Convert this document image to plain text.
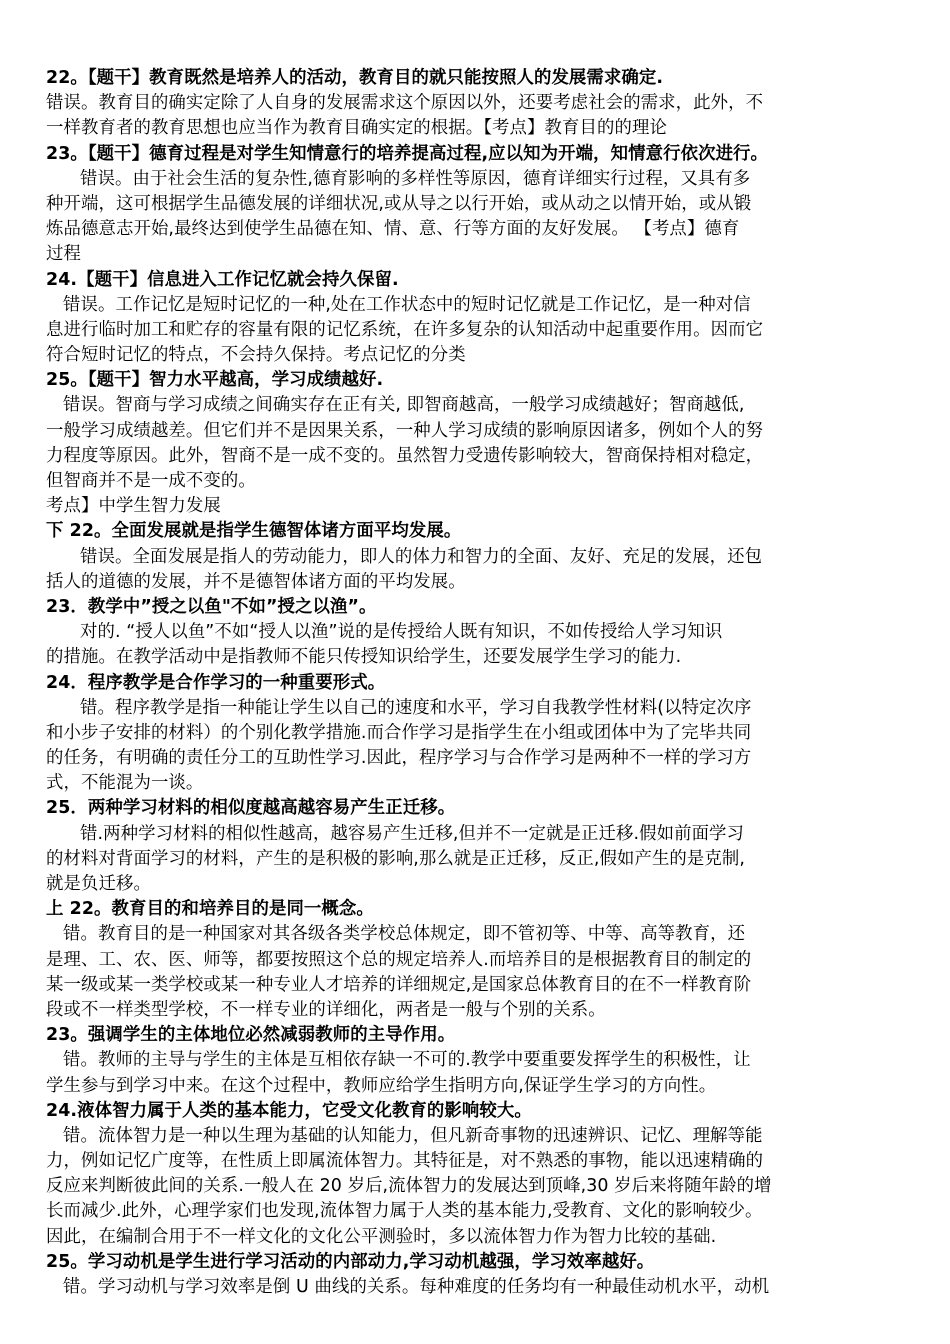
22。【题干】教育既然是培养人的活动，教育目的就只能按照人的发展需求确定.
错误。教育目的确实定除了人自身的发展需求这个原因以外，还要考虑社会的需求，此外，不
一样教育者的教育思想也应当作为教育目确实定的根据。【考点】教育目的的理论
23。【题干】德育过程是对学生知情意行的培养提高过程,应以知为开端，知情意行依次进行。
错误。由于社会生活的复杂性,德育影响的多样性等原因，德育详细实行过程，又具有多
种开端，这可根据学生品德发展的详细状况,或从导之以行开始，或从动之以情开始，或从锻
炼品德意志开始,最终达到使学生品德在知、情、意、行等方面的友好发展。 【考点】德育
过程
24.【题干】信息进入工作记忆就会持久保留.
错误。工作记忆是短时记忆的一种,处在工作状态中的短时记忆就是工作记忆，是一种对信
息进行临时加工和贮存的容量有限的记忆系统，在许多复杂的认知活动中起重要作用。因而它
符合短时记忆的特点，不会持久保持。考点记忆的分类
25。【题干】智力水平越高，学习成绩越好.
错误。智商与学习成绩之间确实存在正有关, 即智商越高，一般学习成绩越好；智商越低,
一般学习成绩越差。但它们并不是因果关系，一种人学习成绩的影响原因诸多，例如个人的努
力程度等原因。此外，智商不是一成不变的。虽然智力受遗传影响较大，智商保持相对稳定，
但智商并不是一成不变的。
考点】中学生智力发展
下 22。全面发展就是指学生德智体诸方面平均发展。
错误。全面发展是指人的劳动能力，即人的体力和智力的全面、友好、充足的发展，还包
括人的道德的发展，并不是德智体诸方面的平均发展。
23．教学中”授之以鱼"不如”授之以渔”。
对的. “授人以鱼”不如“授人以渔”说的是传授给人既有知识，不如传授给人学习知识
的措施。在教学活动中是指教师不能只传授知识给学生，还要发展学生学习的能力.
24．程序教学是合作学习的一种重要形式。
错。程序教学是指一种能让学生以自己的速度和水平，学习自我教学性材料(以特定次序
和小步子安排的材料）的个别化教学措施.而合作学习是指学生在小组或团体中为了完毕共同
的任务，有明确的责任分工的互助性学习.因此，程序学习与合作学习是两种不一样的学习方
式，不能混为一谈。
25．两种学习材料的相似度越高越容易产生正迁移。
错.两种学习材料的相似性越高，越容易产生迁移,但并不一定就是正迁移.假如前面学习
的材料对背面学习的材料，产生的是积极的影响,那么就是正迁移，反正,假如产生的是克制,
就是负迁移。
上 22。教育目的和培养目的是同一概念。
错。教育目的是一种国家对其各级各类学校总体规定，即不管初等、中等、高等教育，还
是理、工、农、医、师等，都要按照这个总的规定培养人.而培养目的是根据教育目的制定的
某一级或某一类学校或某一种专业人才培养的详细规定,是国家总体教育目的在不一样教育阶
段或不一样类型学校，不一样专业的详细化，两者是一般与个别的关系。
23。强调学生的主体地位必然减弱教师的主导作用。
错。教师的主导与学生的主体是互相依存缺一不可的.教学中要重要发挥学生的积极性，让
学生参与到学习中来。在这个过程中，教师应给学生指明方向,保证学生学习的方向性。
24.液体智力属于人类的基本能力，它受文化教育的影响较大。
错。流体智力是一种以生理为基础的认知能力，但凡新奇事物的迅速辨识、记忆、理解等能
力，例如记忆广度等，在性质上即属流体智力。其特征是，对不熟悉的事物，能以迅速精确的
反应来判断彼此间的关系.一般人在 20 岁后,流体智力的发展达到顶峰,30 岁后来将随年龄的增
长而减少.此外，心理学家们也发现,流体智力属于人类的基本能力,受教育、文化的影响较少。
因此，在编制合用于不一样文化的文化公平测验时，多以流体智力作为智力比较的基础.
25。学习动机是学生进行学习活动的内部动力,学习动机越强，学习效率越好。
错。学习动机与学习效率是倒 U 曲线的关系。每种难度的任务均有一种最佳动机水平，动机
